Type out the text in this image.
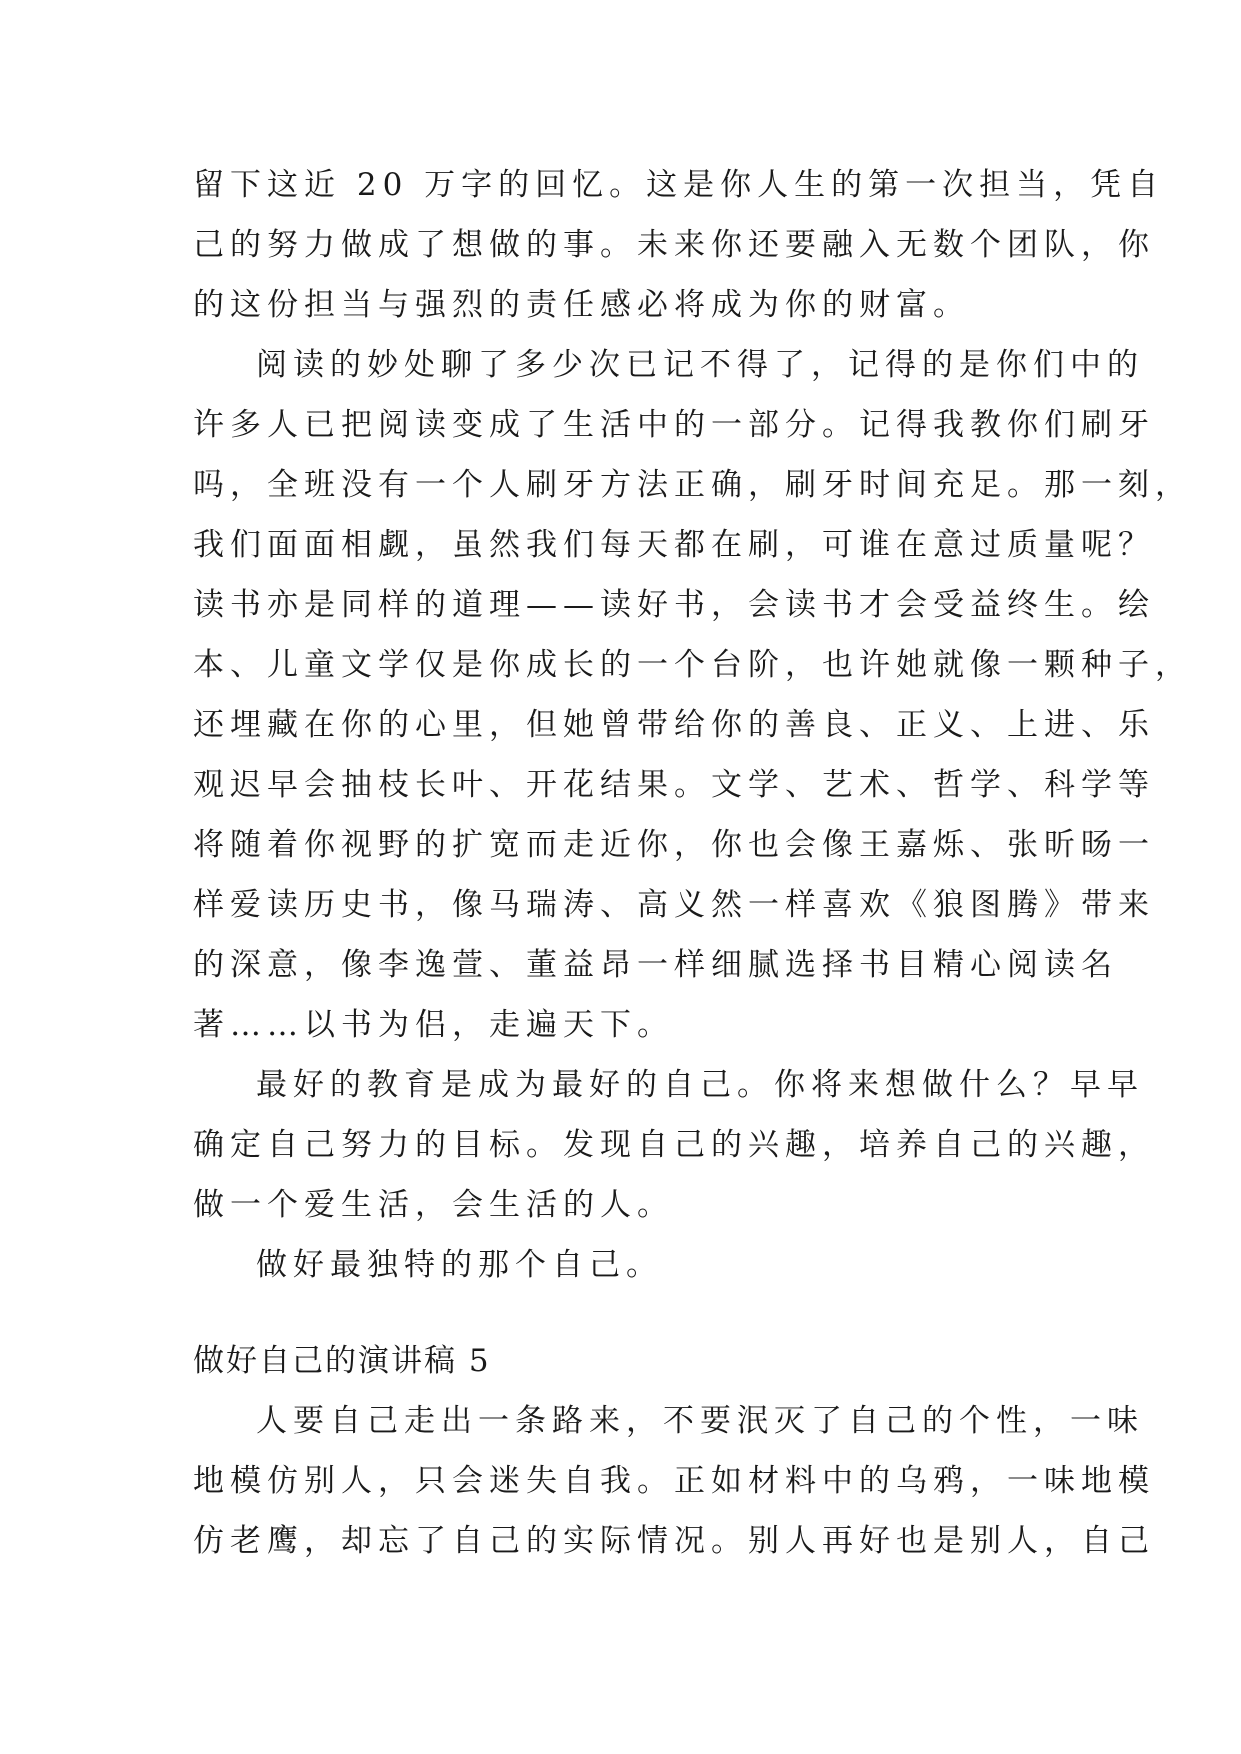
留下这近 20 万字的回忆。这是你人生的第一次担当，凭自
己的努力做成了想做的事。未来你还要融入无数个团队，你
的这份担当与强烈的责任感必将成为你的财富。
阅读的妙处聊了多少次已记不得了，记得的是你们中的
许多人已把阅读变成了生活中的一部分。记得我教你们刷牙
吗，全班没有一个人刷牙方法正确，刷牙时间充足。那一刻，
我们面面相觑，虽然我们每天都在刷，可谁在意过质量呢？
读书亦是同样的道理——读好书，会读书才会受益终生。绘
本、儿童文学仅是你成长的一个台阶，也许她就像一颗种子，
还埋藏在你的心里，但她曾带给你的善良、正义、上进、乐
观迟早会抽枝长叶、开花结果。文学、艺术、哲学、科学等
将随着你视野的扩宽而走近你，你也会像王嘉烁、张昕旸一
样爱读历史书，像马瑞涛、高义然一样喜欢《狼图腾》带来
的深意，像李逸萱、董益昂一样细腻选择书目精心阅读名
著……以书为侣，走遍天下。
最好的教育是成为最好的自己。你将来想做什么？早早
确定自己努力的目标。发现自己的兴趣，培养自己的兴趣，
做一个爱生活，会生活的人。
做好最独特的那个自己。
做好自己的演讲稿 5
人要自己走出一条路来，不要泯灭了自己的个性，一味
地模仿别人，只会迷失自我。正如材料中的乌鸦，一味地模
仿老鹰，却忘了自己的实际情况。别人再好也是别人，自己
